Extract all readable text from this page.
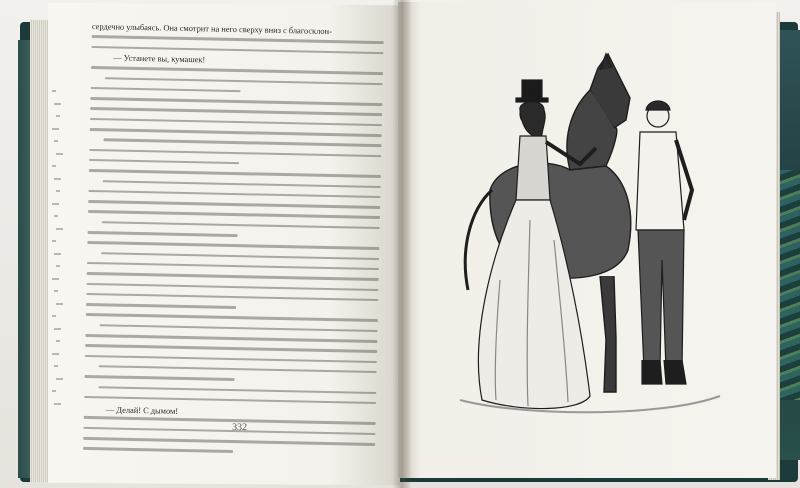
сердечно улыбаясь. Она смотрит на него сверху вниз с благосклон-
— Устанете вы, кумашек!
— Делай! С дымом!
332
